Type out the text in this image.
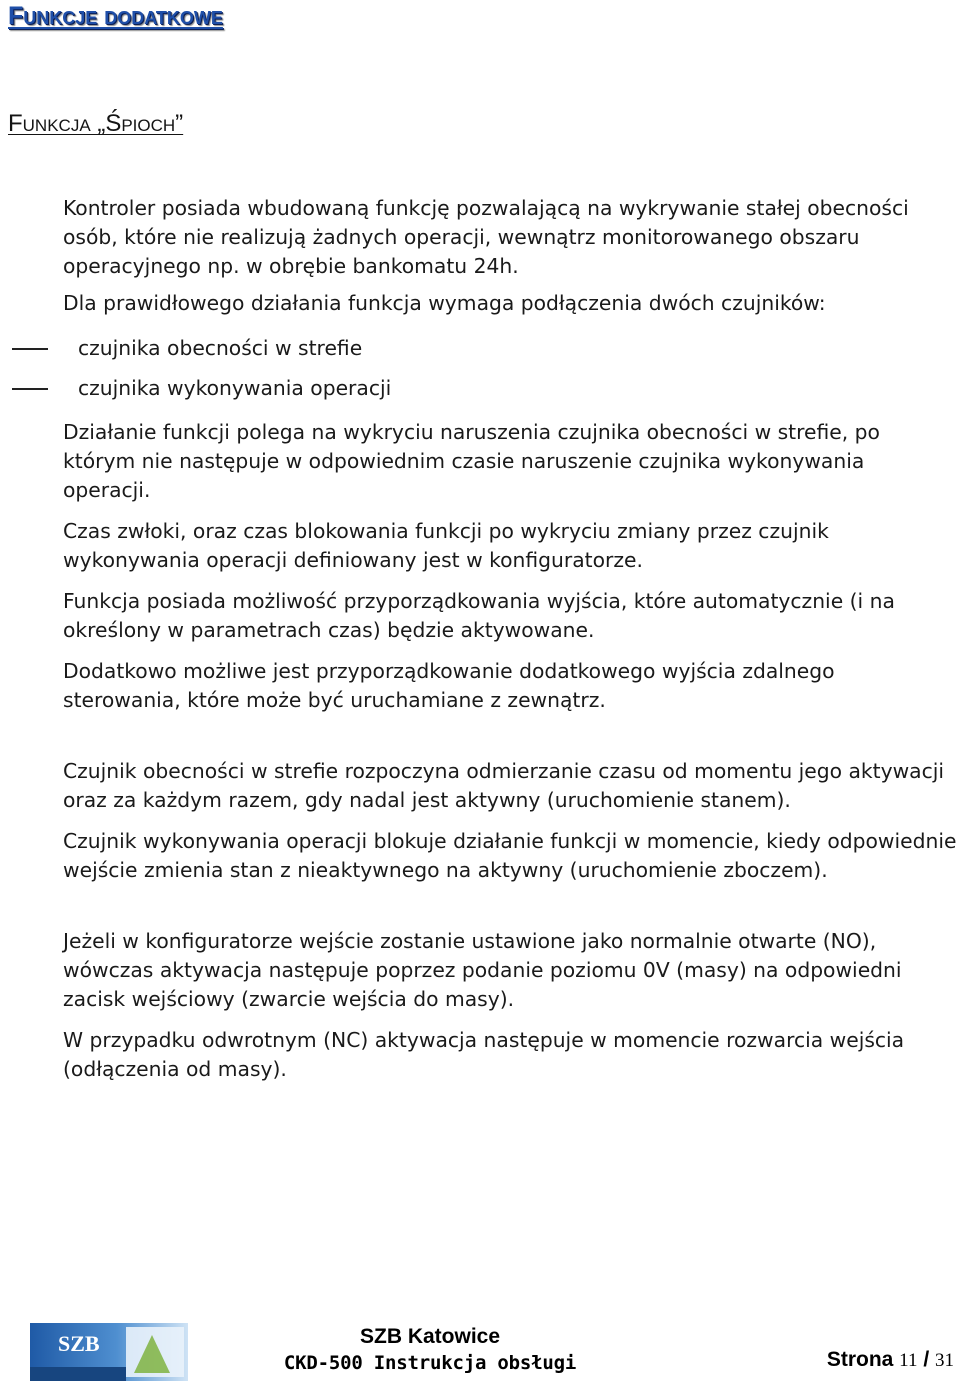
Funkcje dodatkowe
Funkcja „Śpioch”

Kontroler posiada wbudowaną funkcję pozwalającą na wykrywanie stałej obecności osób, które nie realizują żadnych operacji, wewnątrz monitorowanego obszaru operacyjnego np. w obrębie bankomatu 24h.

Dla prawidłowego działania funkcja wymaga podłączenia dwóch czujników:

czujnika obecności w strefie
czujnika wykonywania operacji

Działanie funkcji polega na wykryciu naruszenia czujnika obecności w strefie, po którym nie następuje w odpowiednim czasie naruszenie czujnika wykonywania operacji.

Czas zwłoki, oraz czas blokowania funkcji po wykryciu zmiany przez czujnik wykonywania operacji definiowany jest w konfiguratorze.

Funkcja posiada możliwość przyporządkowania wyjścia, które automatycznie (i na określony w parametrach czas) będzie aktywowane.

Dodatkowo możliwe jest przyporządkowanie dodatkowego wyjścia zdalnego sterowania, które może być uruchamiane z zewnątrz.

Czujnik obecności w strefie rozpoczyna odmierzanie czasu od momentu jego aktywacji oraz za każdym razem, gdy nadal jest aktywny (uruchomienie stanem).

Czujnik wykonywania operacji blokuje działanie funkcji w momencie, kiedy odpowiednie wejście zmienia stan z nieaktywnego na aktywny (uruchomienie zboczem).

Jeżeli w konfiguratorze wejście zostanie ustawione jako normalnie otwarte (NO), wówczas aktywacja następuje poprzez podanie poziomu 0V (masy) na odpowiedni zacisk wejściowy (zwarcie wejścia do masy).

W przypadku odwrotnym (NC) aktywacja następuje w momencie rozwarcia wejścia (odłączenia od masy).

SZB	SZB Katowice
CKD-500 Instrukcja obsługi	Strona 11 / 31
